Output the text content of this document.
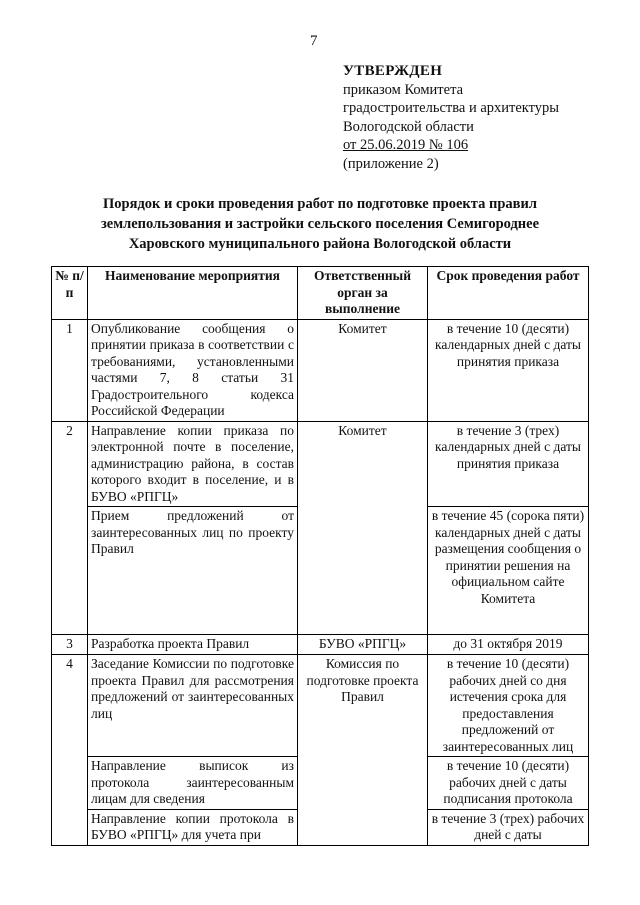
7
УТВЕРЖДЕН
приказом Комитета
градостроительства и архитектуры
Вологодской области
от 25.06.2019 № 106
(приложение 2)
Порядок и сроки проведения работ по подготовке проекта правил
землепользования и застройки сельского поселения Семигороднее
Харовского муниципального района Вологодской области
№ п/п	Наименование мероприятия	Ответственный орган за выполнение	Срок проведения работ
1	Опубликование сообщения о принятии приказа в соответствии с требованиями, установленными частями 7, 8 статьи 31 Градостроительного кодекса Российской Федерации	Комитет	в течение 10 (десяти) календарных дней с даты принятия приказа
2	Направление копии приказа по электронной почте в поселение, администрацию района, в состав которого входит в поселение, и в БУВО «РПГЦ»	Комитет	в течение 3 (трех) календарных дней с даты принятия приказа
	Прием предложений от заинтересованных лиц по проекту Правил		в течение 45 (сорока пяти) календарных дней с даты размещения сообщения о принятии решения на официальном сайте Комитета
3	Разработка проекта Правил	БУВО «РПГЦ»	до 31 октября 2019
4	Заседание Комиссии по подготовке проекта Правил для рассмотрения предложений от заинтересованных лиц	Комиссия по подготовке проекта Правил	в течение 10 (десяти) рабочих дней со дня истечения срока для предоставления предложений от заинтересованных лиц
	Направление выписок из протокола заинтересованным лицам для сведения		в течение 10 (десяти) рабочих дней с даты подписания протокола
	Направление копии протокола в БУВО «РПГЦ» для учета при		в течение 3 (трех) рабочих дней с даты
